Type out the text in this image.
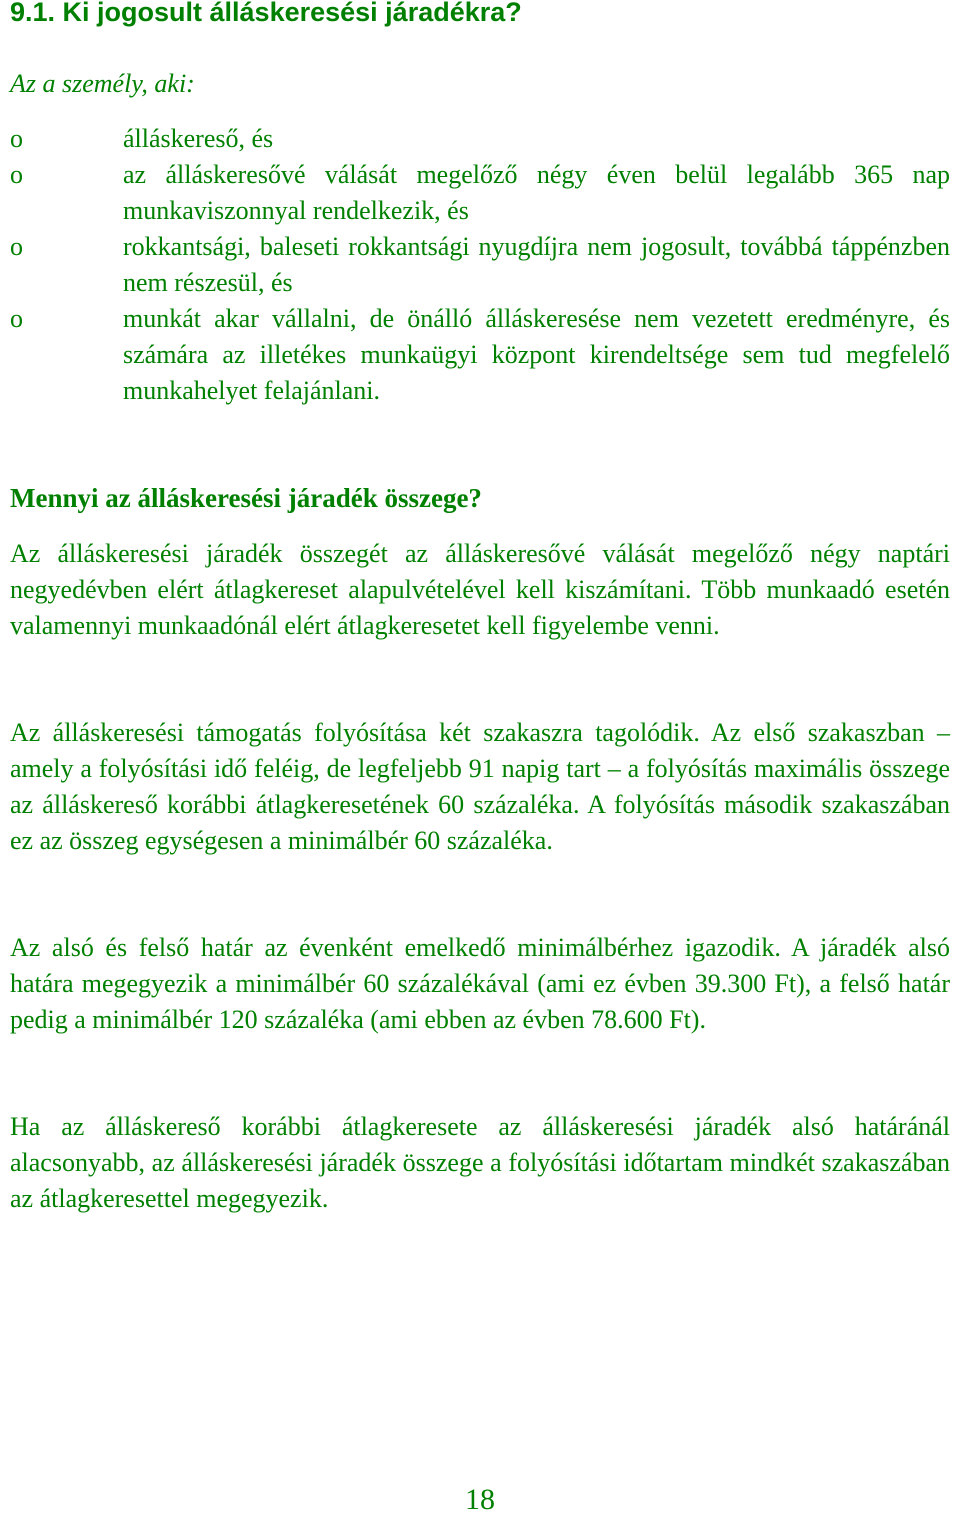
9.1. Ki jogosult álláskeresési járadékra?

Az a személy, aki:

o	álláskereső, és
o	az álláskeresővé válását megelőző négy éven belül legalább 365 nap munkaviszonnyal rendelkezik, és
o	rokkantsági, baleseti rokkantsági nyugdíjra nem jogosult, továbbá táppénzben nem részesül, és
o	munkát akar vállalni, de önálló álláskeresése nem vezetett eredményre, és számára az illetékes munkaügyi központ kirendeltsége sem tud megfelelő munkahelyet felajánlani.
Mennyi az álláskeresési járadék összege?

Az álláskeresési járadék összegét az álláskeresővé válását megelőző négy naptári negyedévben elért átlagkereset alapulvételével kell kiszámítani. Több munkaadó esetén valamennyi munkaadónál elért átlagkeresetet kell figyelembe venni.

Az álláskeresési támogatás folyósítása két szakaszra tagolódik. Az első szakaszban – amely a folyósítási idő feléig, de legfeljebb 91 napig tart – a folyósítás maximális összege az álláskereső korábbi átlagkeresetének 60 százaléka. A folyósítás második szakaszában ez az összeg egységesen a minimálbér 60 százaléka.

Az alsó és felső határ az évenként emelkedő minimálbérhez igazodik. A járadék alsó határa megegyezik a minimálbér 60 százalékával (ami ez évben 39.300 Ft), a felső határ pedig a minimálbér 120 százaléka (ami ebben az évben 78.600 Ft).

Ha az álláskereső korábbi átlagkeresete az álláskeresési járadék alsó határánál alacsonyabb, az álláskeresési járadék összege a folyósítási időtartam mindkét szakaszában az átlagkeresettel megegyezik.

18
